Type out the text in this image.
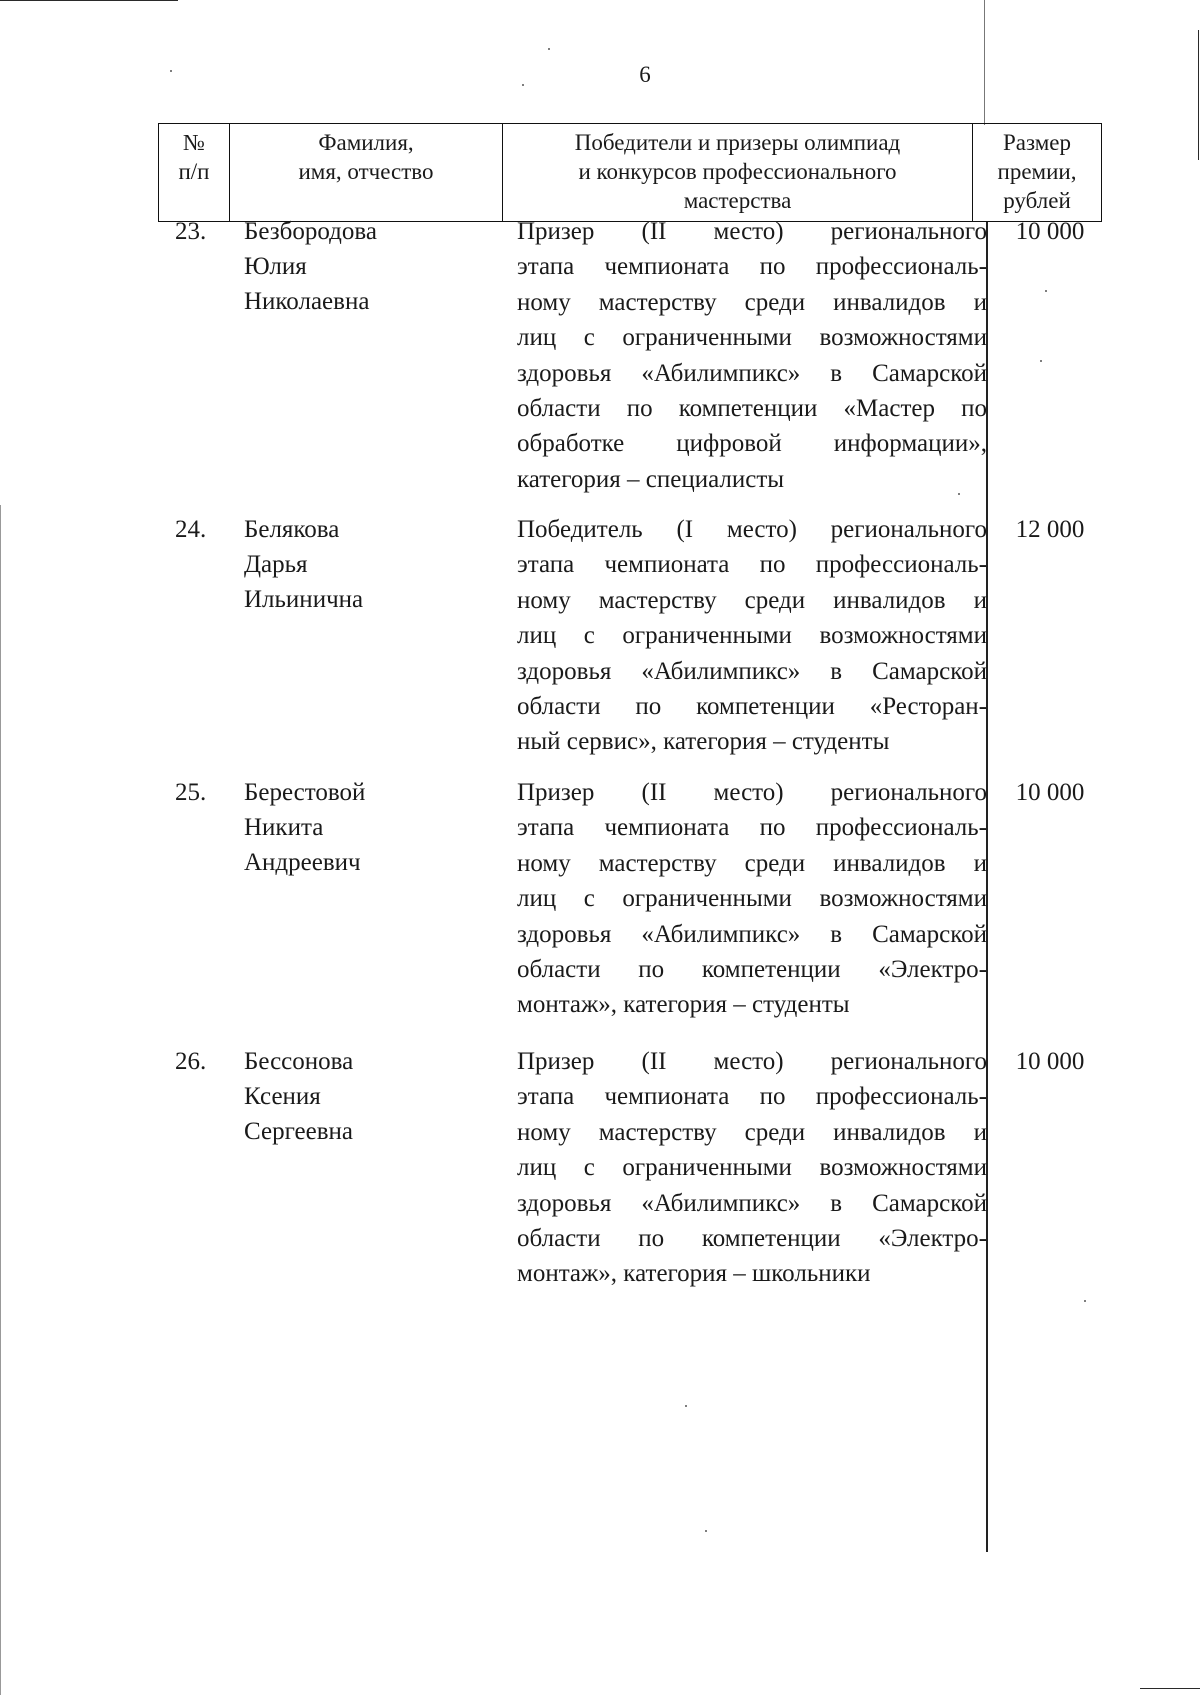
6
№
п/п
Фамилия,
имя, отчество
Победители и призеры олимпиад
и конкурсов профессионального
мастерства
Размер
премии,
рублей
23. Безбородова
Юлия
Николаевна
Призер (II место) регионального
этапа чемпионата по профессиональ-
ному мастерству среди инвалидов и
лиц с ограниченными возможностями
здоровья «Абилимпикс» в Самарской
области по компетенции «Мастер по
обработке цифровой информации»,
категория – специалисты
10 000
24. Белякова
Дарья
Ильинична
Победитель (I место) регионального
этапа чемпионата по профессиональ-
ному мастерству среди инвалидов и
лиц с ограниченными возможностями
здоровья «Абилимпикс» в Самарской
области по компетенции «Ресторан-
ный сервис», категория – студенты
12 000
25. Берестовой
Никита
Андреевич
Призер (II место) регионального
этапа чемпионата по профессиональ-
ному мастерству среди инвалидов и
лиц с ограниченными возможностями
здоровья «Абилимпикс» в Самарской
области по компетенции «Электро-
монтаж», категория – студенты
10 000
26. Бессонова
Ксения
Сергеевна
Призер (II место) регионального
этапа чемпионата по профессиональ-
ному мастерству среди инвалидов и
лиц с ограниченными возможностями
здоровья «Абилимпикс» в Самарской
области по компетенции «Электро-
монтаж», категория – школьники
10 000
